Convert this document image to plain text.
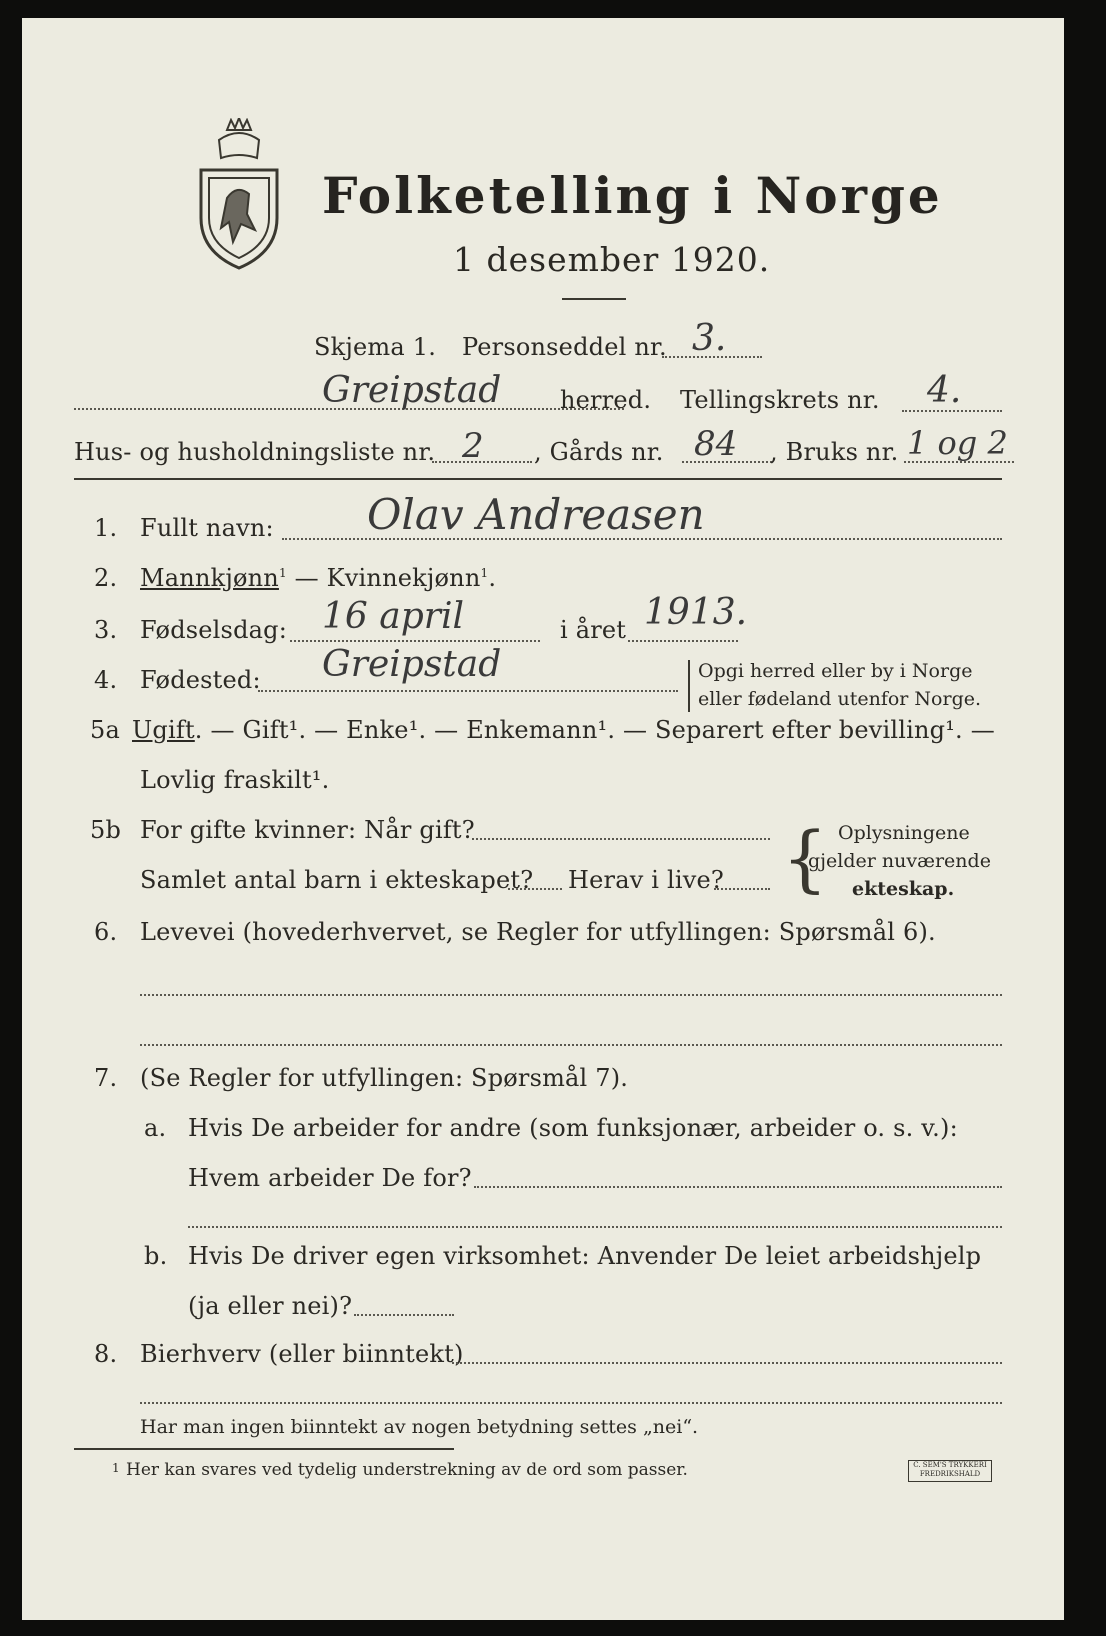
Folketelling i Norge
1 desember 1920.
Skjema 1. Personseddel nr. 3.
Greipstad herred. Tellingskrets nr. 4.
Hus- og husholdningsliste nr. 2 , Gårds nr. 84 , Bruks nr. 1 og 2
1. Fullt navn: Olav Andreasen
2. Mannkjønn$^1$ — Kvinnekjønn$^1$.
3. Fødselsdag: 16 april	i året 1913.
4. Fødested: Greipstad	Opgi herred eller by i Norge
eller fødeland utenfor Norge.
5a Ugift. — Gift¹. — Enke¹. — Enkemann¹. — Separert efter bevilling¹. —
Lovlig fraskilt¹.
5b For gifte kvinner: Når gift?
Samlet antal barn i ekteskapet? Herav i live? { Oplysningene
gjelder nuværende
ekteskap.
6. Levevei (hovederhvervet, se Regler for utfyllingen: Spørsmål 6).
7. (Se Regler for utfyllingen: Spørsmål 7).
a. Hvis De arbeider for andre (som funksjonær, arbeider o. s. v.):
Hvem arbeider De for?
b. Hvis De driver egen virksomhet: Anvender De leiet arbeidshjelp
(ja eller nei)?
8. Bierhverv (eller biinntekt)
Har man ingen biinntekt av nogen betydning settes „nei“.
1 Her kan svares ved tydelig understrekning av de ord som passer.	C. SEM'S TRYKKERI
FREDRIKSHALD
